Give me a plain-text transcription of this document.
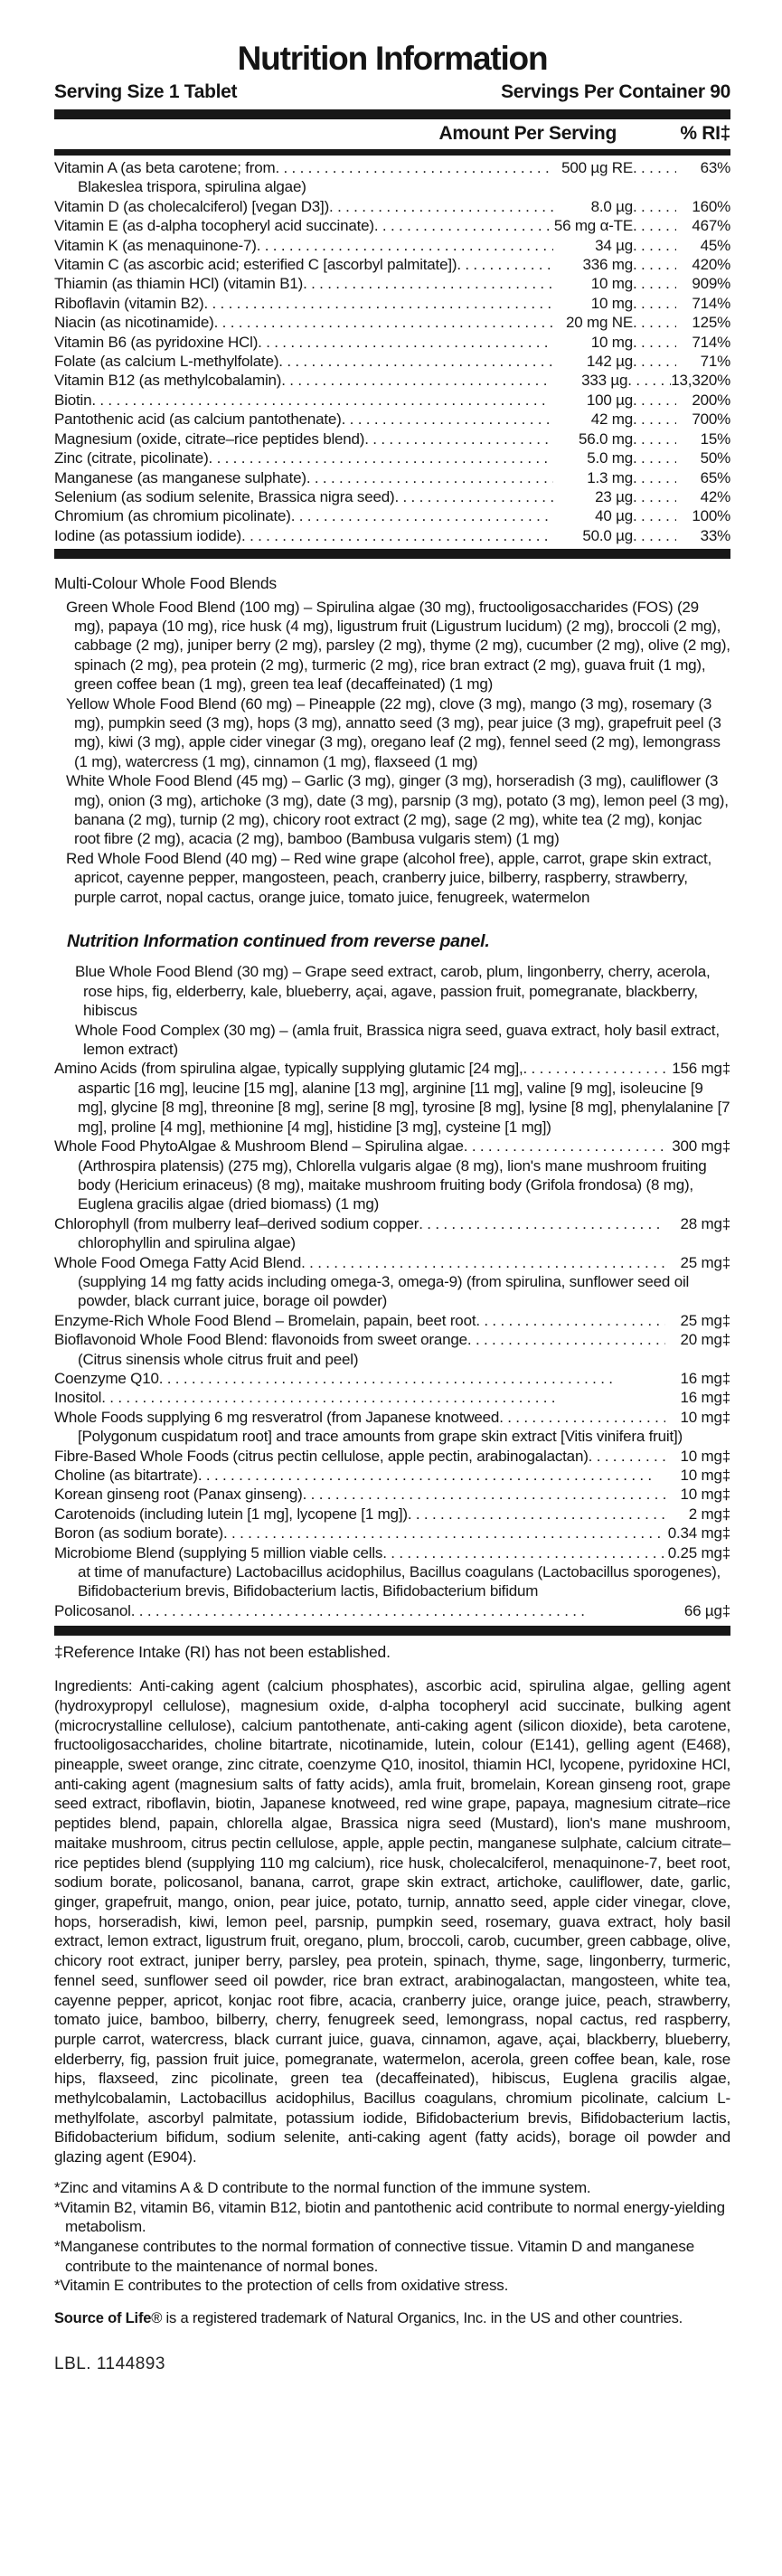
Nutrition Information
Serving Size 1 Tablet	Servings Per Container 90
Amount Per Serving	% RI‡
Vitamin A (as beta carotene; from . . .	500 µg RE . . .	63%
Blakeslea trispora, spirulina algae)
Vitamin D (as cholecalciferol) [vegan D3]) . . .	8.0 µg . . .	160%
Vitamin E (as d-alpha tocopheryl acid succinate) . . .	56 mg α-TE . . .	467%
Vitamin K (as menaquinone-7) . . .	34 µg . . .	45%
Vitamin C (as ascorbic acid; esterified C [ascorbyl palmitate]) . . .	336 mg . . .	420%
Thiamin (as thiamin HCl) (vitamin B1) . . .	10 mg . . .	909%
Riboflavin (vitamin B2) . . .	10 mg . . .	714%
Niacin (as nicotinamide) . . .	20 mg NE . . .	125%
Vitamin B6 (as pyridoxine HCl) . . .	10 mg . . .	714%
Folate (as calcium L-methylfolate) . . .	142 µg . . .	71%
Vitamin B12 (as methylcobalamin) . . .	333 µg . . .	13,320%
Biotin . . .	100 µg . . .	200%
Pantothenic acid (as calcium pantothenate) . . .	42 mg . . .	700%
Magnesium (oxide, citrate–rice peptides blend) . . .	56.0 mg . . .	15%
Zinc (citrate, picolinate) . . .	5.0 mg . . .	50%
Manganese (as manganese sulphate) . . .	1.3 mg . . .	65%
Selenium (as sodium selenite, Brassica nigra seed) . . .	23 µg . . .	42%
Chromium (as chromium picolinate) . . .	40 µg . . .	100%
Iodine (as potassium iodide) . . .	50.0 µg . . .	33%
Multi-Colour Whole Food Blends
Green Whole Food Blend (100 mg) – Spirulina algae (30 mg), fructooligosaccharides (FOS) (29 mg), papaya (10 mg), rice husk (4 mg), ligustrum fruit (Ligustrum lucidum) (2 mg), broccoli (2 mg), cabbage (2 mg), juniper berry (2 mg), parsley (2 mg), thyme (2 mg), cucumber (2 mg), olive (2 mg), spinach (2 mg), pea protein (2 mg), turmeric (2 mg), rice bran extract (2 mg), guava fruit (1 mg), green coffee bean (1 mg), green tea leaf (decaffeinated) (1 mg)
Yellow Whole Food Blend (60 mg) – Pineapple (22 mg), clove (3 mg), mango (3 mg), rosemary (3 mg), pumpkin seed (3 mg), hops (3 mg), annatto seed (3 mg), pear juice (3 mg), grapefruit peel (3 mg), kiwi (3 mg), apple cider vinegar (3 mg), oregano leaf (2 mg), fennel seed (2 mg), lemongrass (1 mg), watercress (1 mg), cinnamon (1 mg), flaxseed (1 mg)
White Whole Food Blend (45 mg) – Garlic (3 mg), ginger (3 mg), horseradish (3 mg), cauliflower (3 mg), onion (3 mg), artichoke (3 mg), date (3 mg), parsnip (3 mg), potato (3 mg), lemon peel (3 mg), banana (2 mg), turnip (2 mg), chicory root extract (2 mg), sage (2 mg), white tea (2 mg), konjac root fibre (2 mg), acacia (2 mg), bamboo (Bambusa vulgaris stem) (1 mg)
Red Whole Food Blend (40 mg) – Red wine grape (alcohol free), apple, carrot, grape skin extract, apricot, cayenne pepper, mangosteen, peach, cranberry juice, bilberry, raspberry, strawberry, purple carrot, nopal cactus, orange juice, tomato juice, fenugreek, watermelon
Nutrition Information continued from reverse panel.
Blue Whole Food Blend (30 mg) – Grape seed extract, carob, plum, lingonberry, cherry, acerola, rose hips, fig, elderberry, kale, blueberry, açai, agave, passion fruit, pomegranate, blackberry, hibiscus
Whole Food Complex (30 mg) – (amla fruit, Brassica nigra seed, guava extract, holy basil extract, lemon extract)
Amino Acids (from spirulina algae, typically supplying glutamic [24 mg], . . .	156 mg‡
aspartic [16 mg], leucine [15 mg], alanine [13 mg], arginine [11 mg], valine [9 mg], isoleucine [9 mg], glycine [8 mg], threonine [8 mg], serine [8 mg], tyrosine [8 mg], lysine [8 mg], phenylalanine [7 mg], proline [4 mg], methionine [4 mg], histidine [3 mg], cysteine [1 mg])
Whole Food PhytoAlgae & Mushroom Blend – Spirulina algae . . .	300 mg‡
(Arthrospira platensis) (275 mg), Chlorella vulgaris algae (8 mg), lion's mane mushroom fruiting body (Hericium erinaceus) (8 mg), maitake mushroom fruiting body (Grifola frondosa) (8 mg), Euglena gracilis algae (dried biomass) (1 mg)
Chlorophyll (from mulberry leaf–derived sodium copper . . .	28 mg‡
chlorophyllin and spirulina algae)
Whole Food Omega Fatty Acid Blend . . .	25 mg‡
(supplying 14 mg fatty acids including omega-3, omega-9) (from spirulina, sunflower seed oil powder, black currant juice, borage oil powder)
Enzyme-Rich Whole Food Blend – Bromelain, papain, beet root . . .	25 mg‡
Bioflavonoid Whole Food Blend: flavonoids from sweet orange . . .	20 mg‡
(Citrus sinensis whole citrus fruit and peel)
Coenzyme Q10 . . .	16 mg‡
Inositol . . .	16 mg‡
Whole Foods supplying 6 mg resveratrol (from Japanese knotweed . . .	10 mg‡
[Polygonum cuspidatum root] and trace amounts from grape skin extract [Vitis vinifera fruit])
Fibre-Based Whole Foods (citrus pectin cellulose, apple pectin, arabinogalactan) . . .	10 mg‡
Choline (as bitartrate) . . .	10 mg‡
Korean ginseng root (Panax ginseng) . . .	10 mg‡
Carotenoids (including lutein [1 mg], lycopene [1 mg]) . . .	2 mg‡
Boron (as sodium borate) . . .	0.34 mg‡
Microbiome Blend (supplying 5 million viable cells . . .	0.25 mg‡
at time of manufacture) Lactobacillus acidophilus, Bacillus coagulans (Lactobacillus sporogenes), Bifidobacterium brevis, Bifidobacterium lactis, Bifidobacterium bifidum
Policosanol . . .	66 µg‡
‡Reference Intake (RI) has not been established.

Ingredients: Anti-caking agent (calcium phosphates), ascorbic acid, spirulina algae, gelling agent (hydroxypropyl cellulose), magnesium oxide, d-alpha tocopheryl acid succinate, bulking agent (microcrystalline cellulose), calcium pantothenate, anti-caking agent (silicon dioxide), beta carotene, fructooligosaccharides, choline bitartrate, nicotinamide, lutein, colour (E141), gelling agent (E468), pineapple, sweet orange, zinc citrate, coenzyme Q10, inositol, thiamin HCl, lycopene, pyridoxine HCl, anti-caking agent (magnesium salts of fatty acids), amla fruit, bromelain, Korean ginseng root, grape seed extract, riboflavin, biotin, Japanese knotweed, red wine grape, papaya, magnesium citrate–rice peptides blend, papain, chlorella algae, Brassica nigra seed (Mustard), lion's mane mushroom, maitake mushroom, citrus pectin cellulose, apple, apple pectin, manganese sulphate, calcium citrate–rice peptides blend (supplying 110 mg calcium), rice husk, cholecalciferol, menaquinone-7, beet root, sodium borate, policosanol, banana, carrot, grape skin extract, artichoke, cauliflower, date, garlic, ginger, grapefruit, mango, onion, pear juice, potato, turnip, annatto seed, apple cider vinegar, clove, hops, horseradish, kiwi, lemon peel, parsnip, pumpkin seed, rosemary, guava extract, holy basil extract, lemon extract, ligustrum fruit, oregano, plum, broccoli, carob, cucumber, green cabbage, olive, chicory root extract, juniper berry, parsley, pea protein, spinach, thyme, sage, lingonberry, turmeric, fennel seed, sunflower seed oil powder, rice bran extract, arabinogalactan, mangosteen, white tea, cayenne pepper, apricot, konjac root fibre, acacia, cranberry juice, orange juice, peach, strawberry, tomato juice, bamboo, bilberry, cherry, fenugreek seed, lemongrass, nopal cactus, red raspberry, purple carrot, watercress, black currant juice, guava, cinnamon, agave, açai, blackberry, blueberry, elderberry, fig, passion fruit juice, pomegranate, watermelon, acerola, green coffee bean, kale, rose hips, flaxseed, zinc picolinate, green tea (decaffeinated), hibiscus, Euglena gracilis algae, methylcobalamin, Lactobacillus acidophilus, Bacillus coagulans, chromium picolinate, calcium L-methylfolate, ascorbyl palmitate, potassium iodide, Bifidobacterium brevis, Bifidobacterium lactis, Bifidobacterium bifidum, sodium selenite, anti-caking agent (fatty acids), borage oil powder and glazing agent (E904).

*Zinc and vitamins A & D contribute to the normal function of the immune system.
*Vitamin B2, vitamin B6, vitamin B12, biotin and pantothenic acid contribute to normal energy-yielding metabolism.
*Manganese contributes to the normal formation of connective tissue. Vitamin D and manganese contribute to the maintenance of normal bones.
*Vitamin E contributes to the protection of cells from oxidative stress.
Source of Life® is a registered trademark of Natural Organics, Inc. in the US and other countries.
LBL. 1144893
